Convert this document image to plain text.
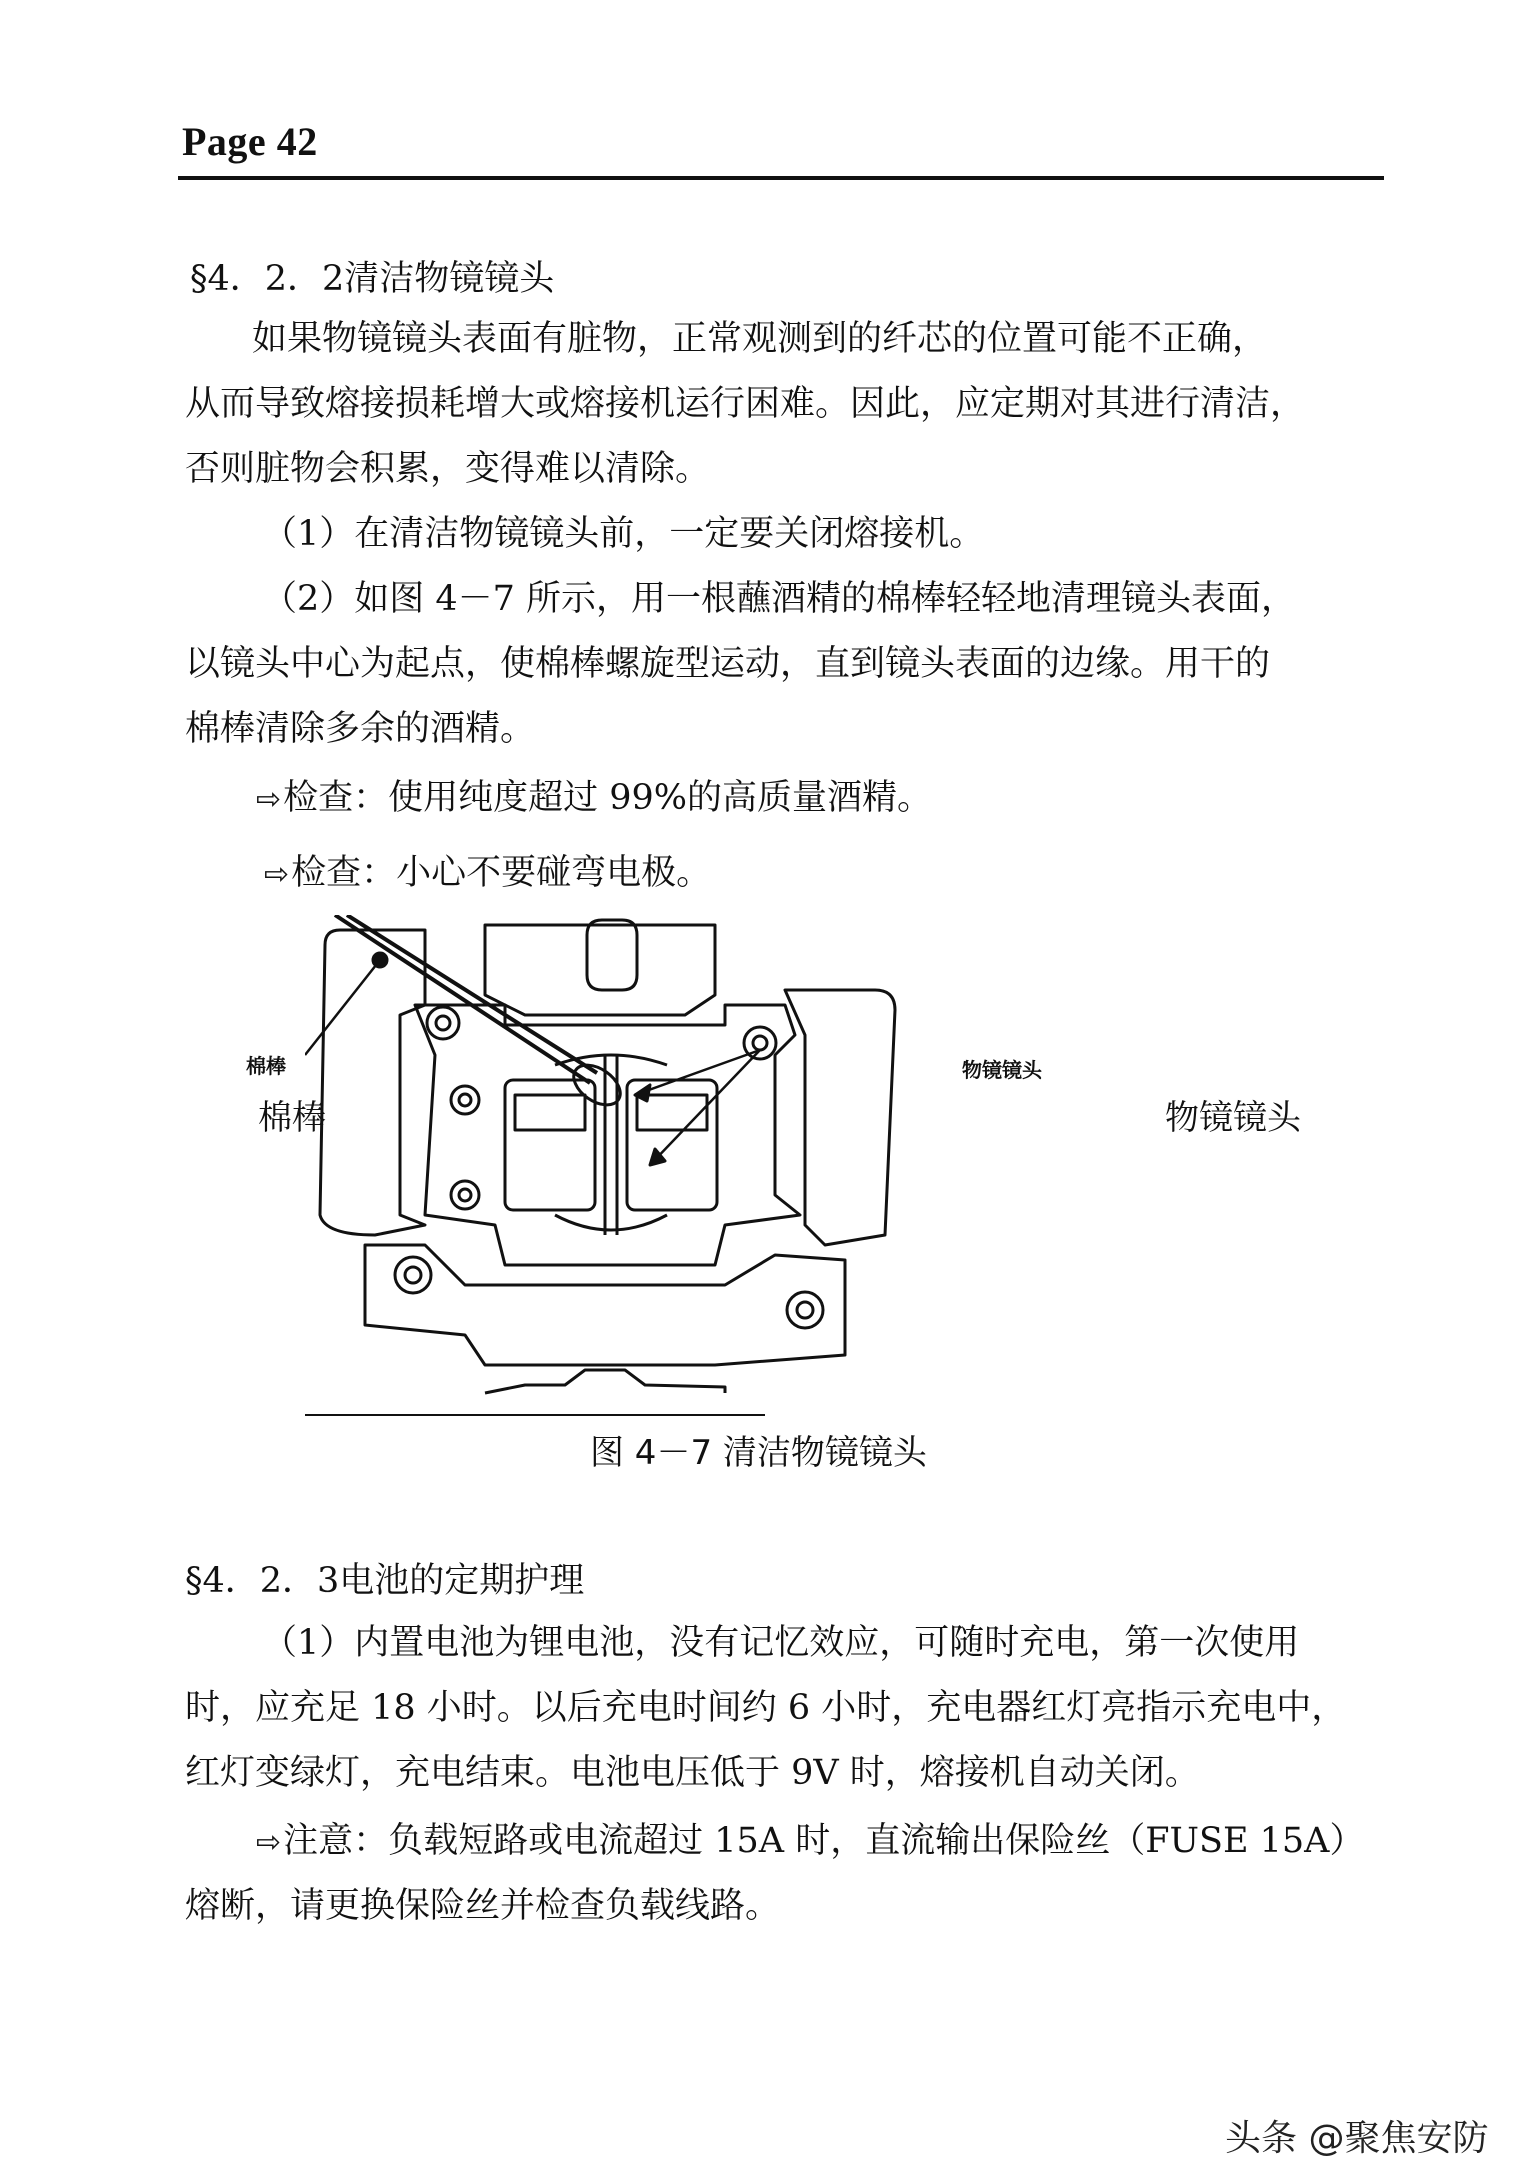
Page 42
§4．2．2清洁物镜镜头
如果物镜镜头表面有脏物，正常观测到的纤芯的位置可能不正确，
从而导致熔接损耗增大或熔接机运行困难。因此，应定期对其进行清洁，
否则脏物会积累，变得难以清除。
（1）在清洁物镜镜头前，一定要关闭熔接机。
（2）如图 4－7 所示，用一根蘸酒精的棉棒轻轻地清理镜头表面，
以镜头中心为起点，使棉棒螺旋型运动，直到镜头表面的边缘。用干的
棉棒清除多余的酒精。
⇨检查：使用纯度超过 99%的高质量酒精。
⇨检查：小心不要碰弯电极。
棉棒
棉棒
物镜镜头
物镜镜头
图 4－7 清洁物镜镜头
§4．2．3电池的定期护理
（1）内置电池为锂电池，没有记忆效应，可随时充电，第一次使用
时，应充足 18 小时。以后充电时间约 6 小时，充电器红灯亮指示充电中，
红灯变绿灯，充电结束。电池电压低于 9V 时，熔接机自动关闭。
⇨注意：负载短路或电流超过 15A 时，直流输出保险丝（FUSE 15A）
熔断，请更换保险丝并检查负载线路。
头条 @聚焦安防
